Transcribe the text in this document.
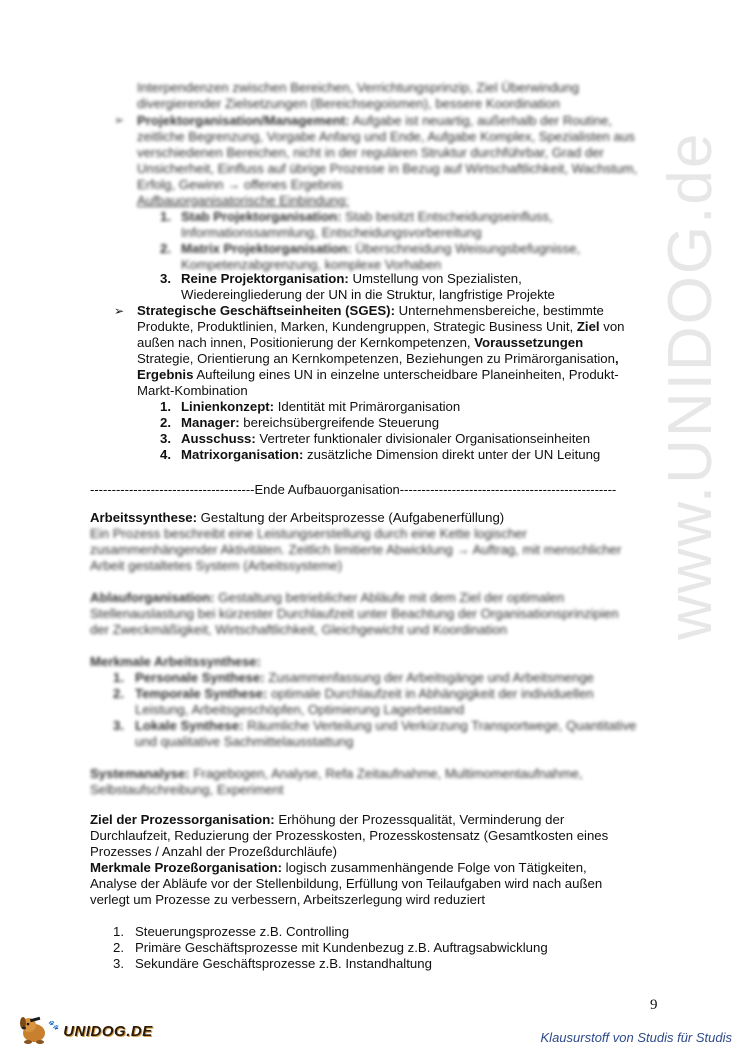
www.UNIDOG.de
Interpendenzen zwischen Bereichen, Verrichtungsprinzip, Ziel Überwindung
divergierender Zielsetzungen (Bereichsegoismen), bessere Koordination
➢ Projektorganisation/Management: Aufgabe ist neuartig, außerhalb der Routine,
zeitliche Begrenzung, Vorgabe Anfang und Ende, Aufgabe Komplex, Spezialisten aus
verschiedenen Bereichen, nicht in der regulären Struktur durchführbar, Grad der
Unsicherheit, Einfluss auf übrige Prozesse in Bezug auf Wirtschaftlichkeit, Wachstum,
Erfolg, Gewinn → offenes Ergebnis
Aufbauorganisatorische Einbindung:
1. Stab Projektorganisation: Stab besitzt Entscheidungseinfluss,
Informationssammlung, Entscheidungsvorbereitung
2. Matrix Projektorganisation: Überschneidung Weisungsbefugnisse,
Kompetenzabgrenzung, komplexe Vorhaben
3. Reine Projektorganisation: Umstellung von Spezialisten,
Wiedereingliederung der UN in die Struktur, langfristige Projekte
➢ Strategische Geschäftseinheiten (SGES): Unternehmensbereiche, bestimmte
Produkte, Produktlinien, Marken, Kundengruppen, Strategic Business Unit, Ziel von
außen nach innen, Positionierung der Kernkompetenzen, Voraussetzungen
Strategie, Orientierung an Kernkompetenzen, Beziehungen zu Primärorganisation,
Ergebnis Aufteilung eines UN in einzelne unterscheidbare Planeinheiten, Produkt-
Markt-Kombination
1. Linienkonzept: Identität mit Primärorganisation
2. Manager: bereichsübergreifende Steuerung
3. Ausschuss: Vertreter funktionaler divisionaler Organisationseinheiten
4. Matrixorganisation: zusätzliche Dimension direkt unter der UN Leitung
--------------------------------------Ende Aufbauorganisation--------------------------------------------------
Arbeitssynthese: Gestaltung der Arbeitsprozesse (Aufgabenerfüllung)
Ein Prozess beschreibt eine Leistungserstellung durch eine Kette logischer
zusammenhängender Aktivitäten. Zeitlich limitierte Abwicklung → Auftrag, mit menschlicher
Arbeit gestaltetes System (Arbeitssysteme)
Ablauforganisation: Gestaltung betrieblicher Abläufe mit dem Ziel der optimalen
Stellenauslastung bei kürzester Durchlaufzeit unter Beachtung der Organisationsprinzipien
der Zweckmäßigkeit, Wirtschaftlichkeit, Gleichgewicht und Koordination
Merkmale Arbeitssynthese:
1. Personale Synthese: Zusammenfassung der Arbeitsgänge und Arbeitsmenge
2. Temporale Synthese: optimale Durchlaufzeit in Abhängigkeit der individuellen
Leistung, Arbeitsgeschöpfen, Optimierung Lagerbestand
3. Lokale Synthese: Räumliche Verteilung und Verkürzung Transportwege, Quantitative
und qualitative Sachmittelausstattung
Systemanalyse: Fragebogen, Analyse, Refa Zeitaufnahme, Multimomentaufnahme,
Selbstaufschreibung, Experiment
Ziel der Prozessorganisation: Erhöhung der Prozessqualität, Verminderung der
Durchlaufzeit, Reduzierung der Prozesskosten, Prozesskostensatz (Gesamtkosten eines
Prozesses / Anzahl der Prozeßdurchläufe)
Merkmale Prozeßorganisation: logisch zusammenhängende Folge von Tätigkeiten,
Analyse der Abläufe vor der Stellenbildung, Erfüllung von Teilaufgaben wird nach außen
verlegt um Prozesse zu verbessern, Arbeitszerlegung wird reduziert
1. Steuerungsprozesse z.B. Controlling
2. Primäre Geschäftsprozesse mit Kundenbezug z.B. Auftragsabwicklung
3. Sekundäre Geschäftsprozesse z.B. Instandhaltung
9
🐾 UNIDOG.DE	Klausurstoff von Studis für Studis
